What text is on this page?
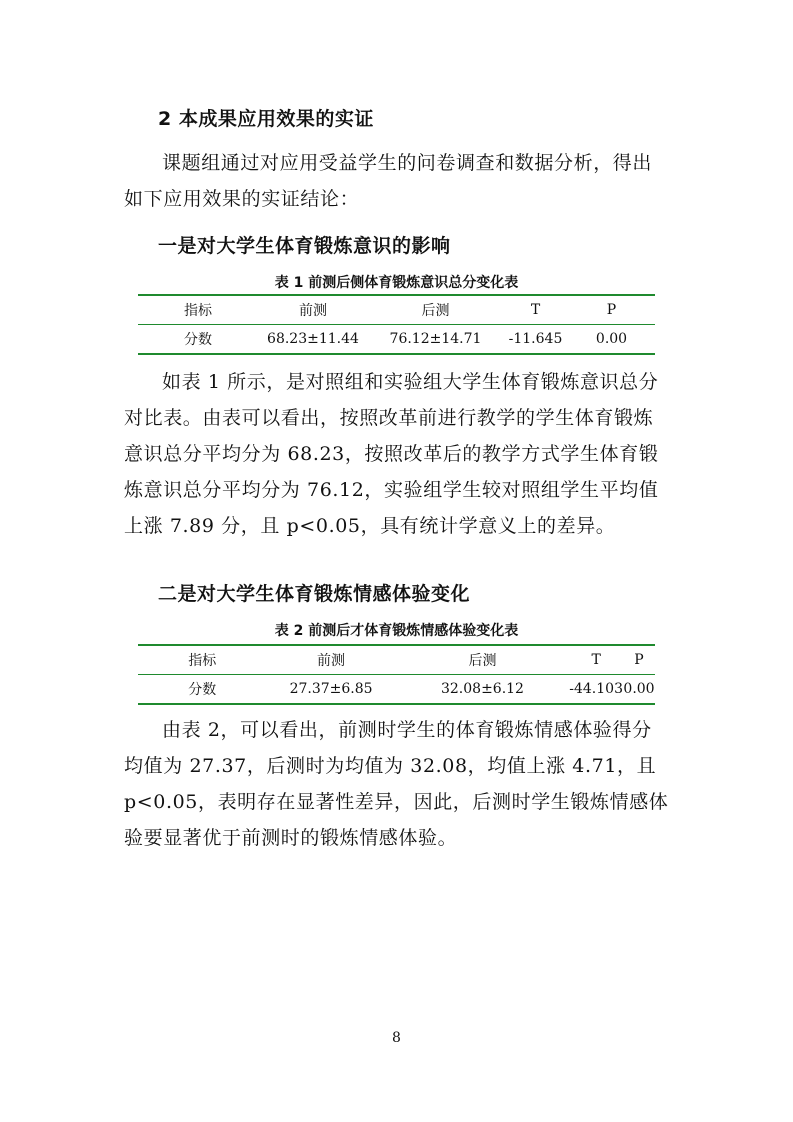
2 本成果应用效果的实证

课题组通过对应用受益学生的问卷调查和数据分析，得出如下应用效果的实证结论：

一是对大学生体育锻炼意识的影响
表 1 前测后侧体育锻炼意识总分变化表
指标	前测	后测	T	P
分数	68.23±11.44	76.12±14.71	-11.645	0.00

如表 1 所示，是对照组和实验组大学生体育锻炼意识总分对比表。由表可以看出，按照改革前进行教学的学生体育锻炼意识总分平均分为 68.23，按照改革后的教学方式学生体育锻炼意识总分平均分为 76.12，实验组学生较对照组学生平均值上涨 7.89 分，且 p<0.05，具有统计学意义上的差异。

二是对大学生体育锻炼情感体验变化
表 2 前测后才体育锻炼情感体验变化表
指标	前测	后测	T	P
分数	27.37±6.85	32.08±6.12	-44.103	0.00

由表 2，可以看出，前测时学生的体育锻炼情感体验得分均值为 27.37，后测时为均值为 32.08，均值上涨 4.71，且 p<0.05，表明存在显著性差异，因此，后测时学生锻炼情感体验要显著优于前测时的锻炼情感体验。

8
